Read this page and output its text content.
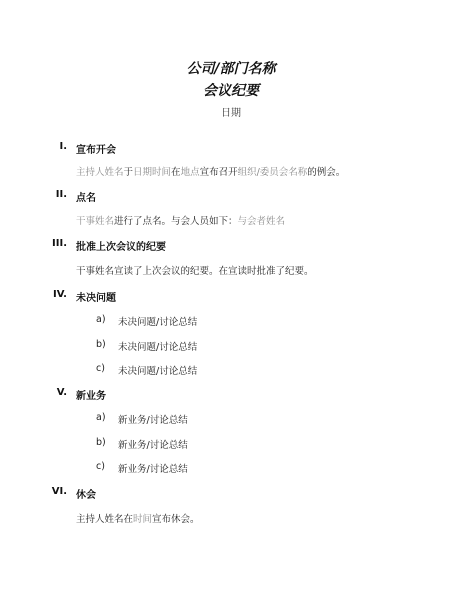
公司/部门名称
会议纪要
日期
I. 宣布开会
主持人姓名于日期时间在地点宣布召开组织/委员会名称的例会。
II. 点名
干事姓名进行了点名。与会人员如下：与会者姓名
III. 批准上次会议的纪要
干事姓名宣读了上次会议的纪要。在宣读时批准了纪要。
IV. 未决问题
a) 未决问题/讨论总结
b) 未决问题/讨论总结
c) 未决问题/讨论总结
V. 新业务
a) 新业务/讨论总结
b) 新业务/讨论总结
c) 新业务/讨论总结
VI. 休会
主持人姓名在时间宣布休会。
